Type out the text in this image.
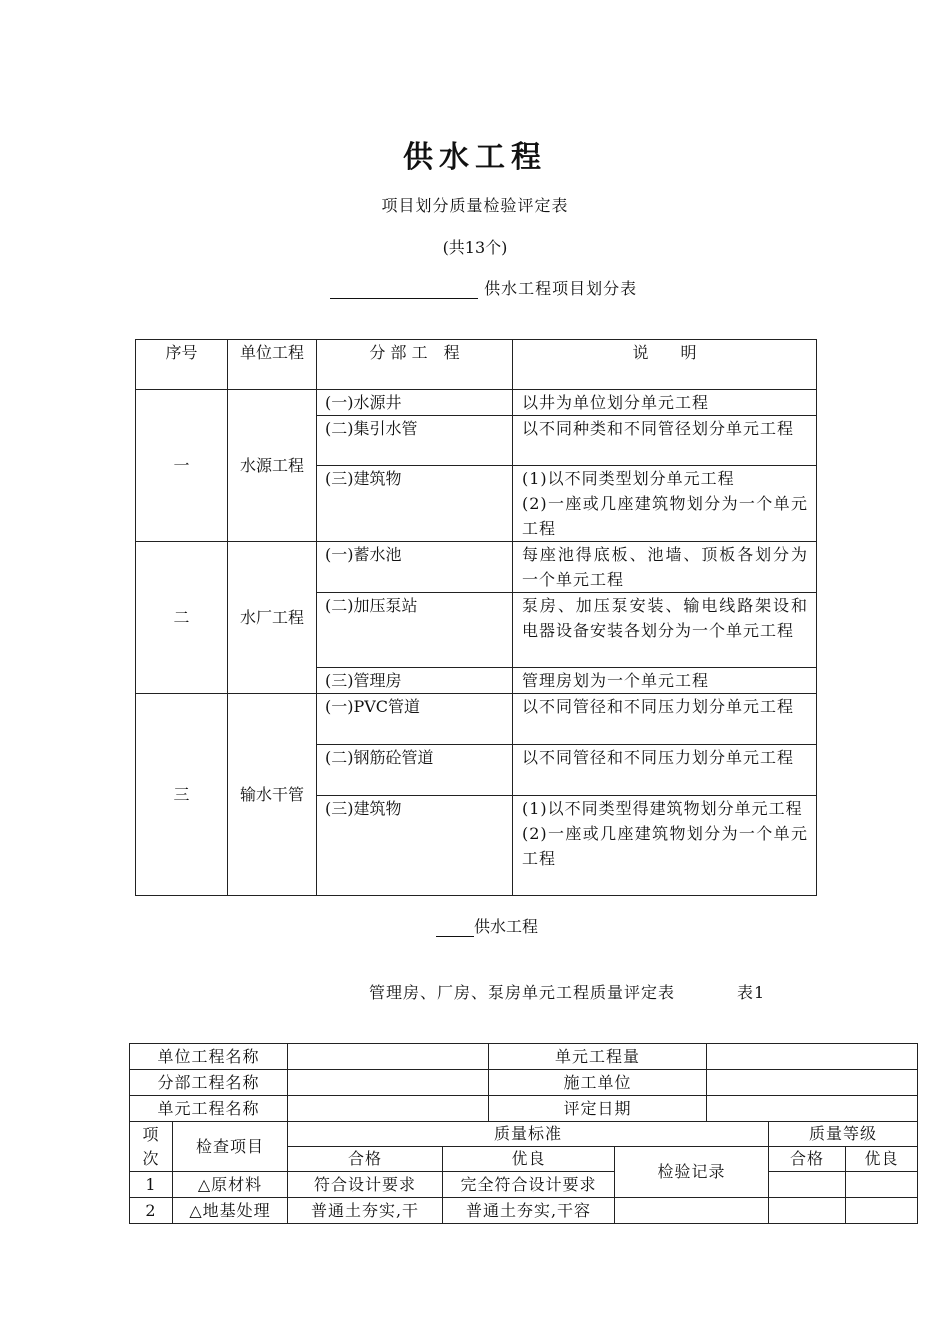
供水工程
项目划分质量检验评定表
(共13个)
供水工程项目划分表
序号	单位工程	分 部 工　程	说　　明
一	水源工程	(一)水源井	以井为单位划分单元工程
		(二)集引水管	以不同种类和不同管径划分单元工程
		(三)建筑物	(1)以不同类型划分单元工程
(2)一座或几座建筑物划分为一个单元工程

二	水厂工程	(一)蓄水池	每座池得底板、池墙、顶板各划分为一个单元工程
		(二)加压泵站	泵房、加压泵安装、输电线路架设和电器设备安装各划分为一个单元工程
		(三)管理房	管理房划为一个单元工程
三	输水干管	(一)PVC管道	以不同管径和不同压力划分单元工程
		(二)钢筋砼管道	以不同管径和不同压力划分单元工程
		(三)建筑物	(1)以不同类型得建筑物划分单元工程
(2)一座或几座建筑物划分为一个单元工程
供水工程
管理房、厂房、泵房单元工程质量评定表	表1
单位工程名称				单元工程量				
分部工程名称				施工单位				
单元工程名称				评定日期				
项次	检查项目	质量标准					质量等级	
		合格	优良		检验记录		合格	优良
1	△原材料	符合设计要求	完全符合设计要求					
2	△地基处理	普通土夯实,干	普通土夯实,干容					
